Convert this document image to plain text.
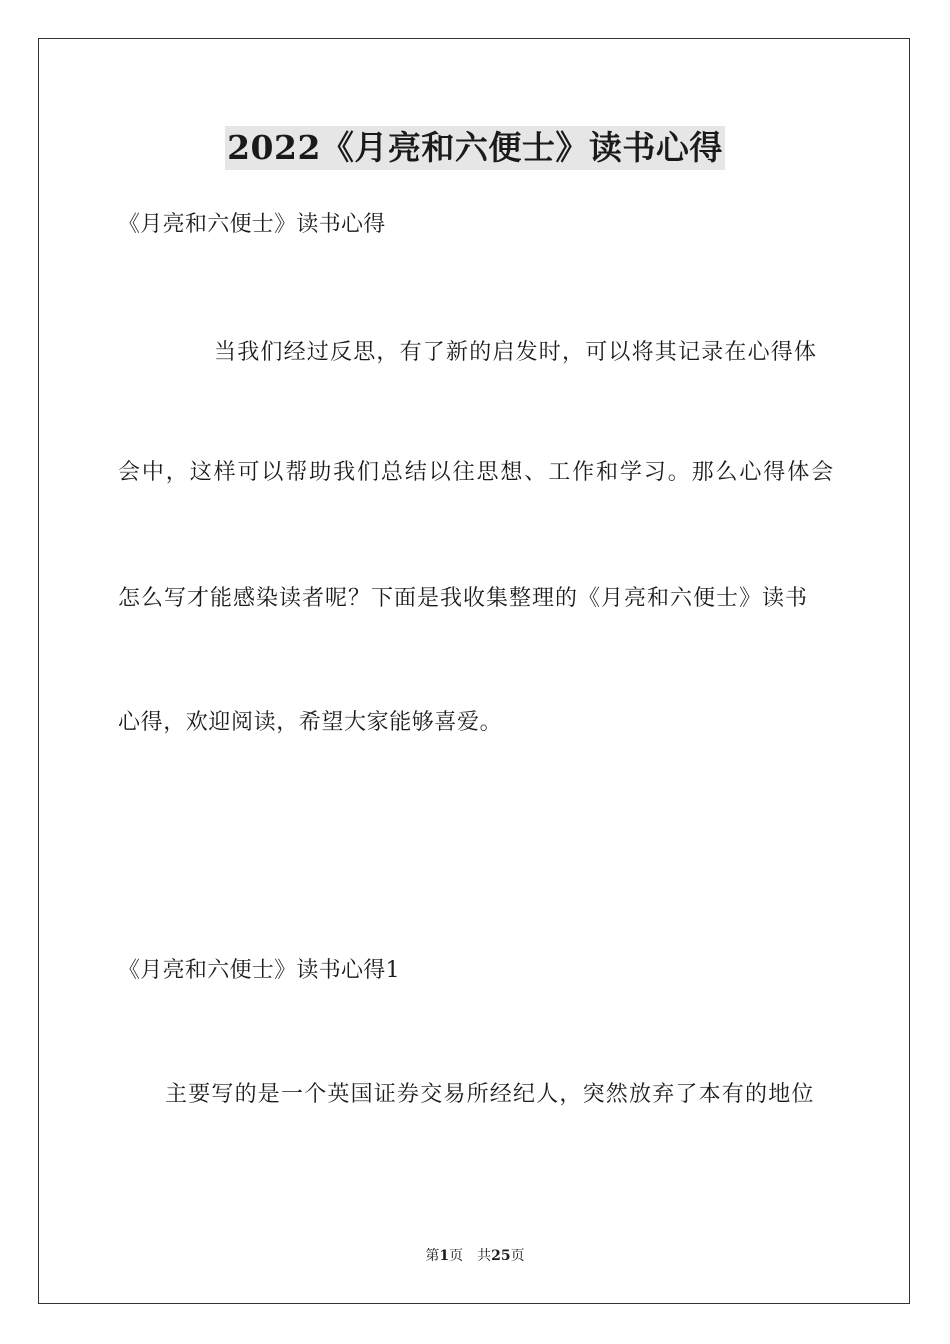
2022《月亮和六便士》读书心得
《月亮和六便士》读书心得
当我们经过反思，有了新的启发时，可以将其记录在心得体
会中，这样可以帮助我们总结以往思想、工作和学习。那么心得体会
怎么写才能感染读者呢？下面是我收集整理的《月亮和六便士》读书
心得，欢迎阅读，希望大家能够喜爱。
《月亮和六便士》读书心得1
主要写的是一个英国证券交易所经纪人，突然放弃了本有的地位
第1页 共25页
